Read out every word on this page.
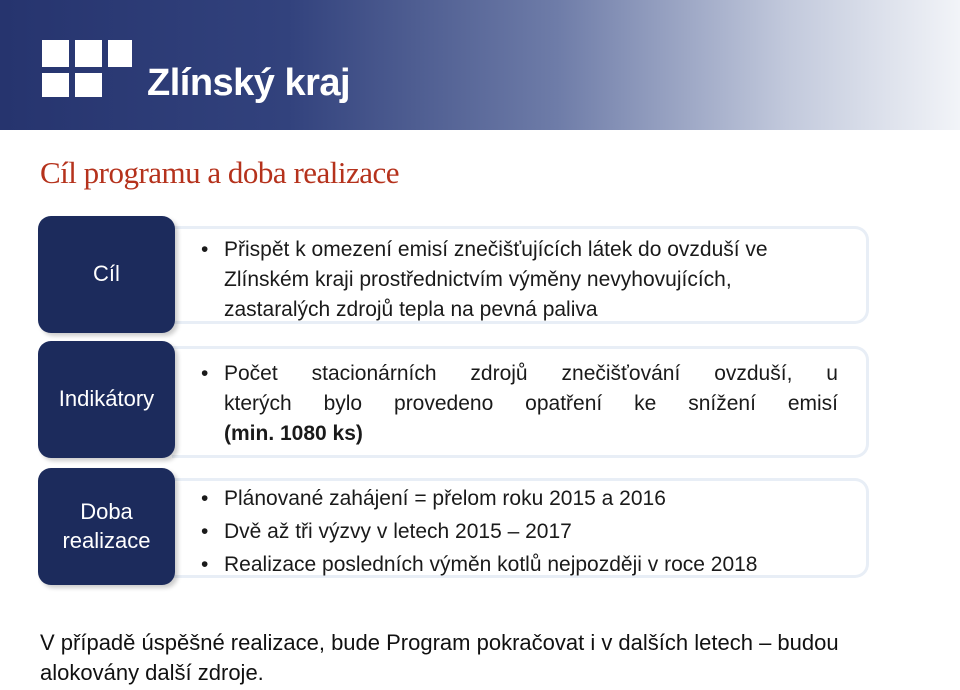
Zlínský kraj
Cíl programu a doba realizace
• Přispět k omezení emisí znečišťujících látek do ovzduší ve Zlínském kraji prostřednictvím výměny nevyhovujících, zastaralých zdrojů tepla na pevná paliva
Cíl
• Počet stacionárních zdrojů znečišťování ovzduší, u
kterých bylo provedeno opatření ke snížení emisí
(min. 1080 ks)
Indikátory
• Plánované zahájení = přelom roku 2015 a 2016
• Dvě až tři výzvy v letech 2015 – 2017
• Realizace posledních výměn kotlů nejpozději v roce 2018
Doba
realizace
V případě úspěšné realizace, bude Program pokračovat i v dalších letech – budou alokovány další zdroje.
